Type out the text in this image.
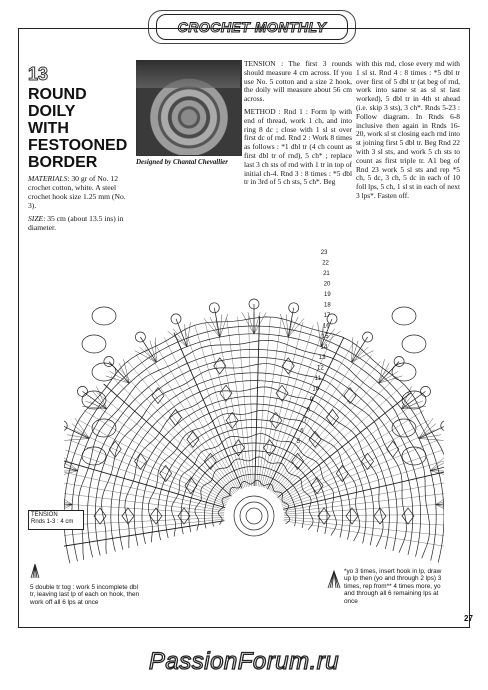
CROCHET MONTHLY
13
ROUND
DOILY
WITH
FESTOONED
BORDER

MATERIALS: 30 gr of No. 12 crochet cotton, white. A steel crochet hook size 1.25 mm (No. 3).

SIZE: 35 cm (about 13.5 ins) in diameter.

Designed by Chantal Chevallier

TENSION : The first 3 rounds should measure 4 cm across. If you use No. 5 cotton and a size 2 hook, the doily will measure about 56 cm across.

METHOD : Rnd 1 : Form lp with end of thread, work 1 ch, and into ring 8 dc ; close with 1 sl st over first dc of rnd. Rnd 2 : Work 8 times as follows : *1 dbl tr (4 ch count as first dbl tr of rnd), 5 ch* ; replace last 3 ch sts of rnd with 1 tr in top of initial ch-4. Rnd 3 : 8 times : *5 dbl tr in 3rd of 5 ch sts, 5 ch*. Beg

with this rnd, close every md with 1 sl st. Rnd 4 : 8 times : *5 dbl tr over first of 5 dbl tr (at beg of rnd, work into same st as sl st last worked), 5 dbl tr in 4th st ahead (i.e. skip 3 sts), 3 ch*. Rnds 5-23 : Follow diagram. In Rnds 6-8 inclusive then again in Rnds 16-20, work sl st closing each rnd into st joining first 5 dbl tr. Beg Rnd 22 with 3 sl sts, and work 5 ch sts to count as first triple tr. A1 beg of Rnd 23 work 5 sl sts and rep *5 ch, 5 dc, 3 ch, 5 dc in each of 10 foll lps, 5 ch, 1 sl st in each of next 3 lps*. Fasten off.

23
22
21
20
19
18
17
16
15
14
13
12
11
10
9
8
7
6
5
TENSION
Rnds 1-3 : 4 cm
5 double tr tog : work 5 incomplete dbl tr, leaving last lp of each on hook, then work off all 6 lps at once
*yo 3 times, insert hook in lp, draw up lp then (yo and through 2 lps) 3 times, rep from** 4 times more, yo and through all 6 remaining lps at once
27
PassionForum.ru
